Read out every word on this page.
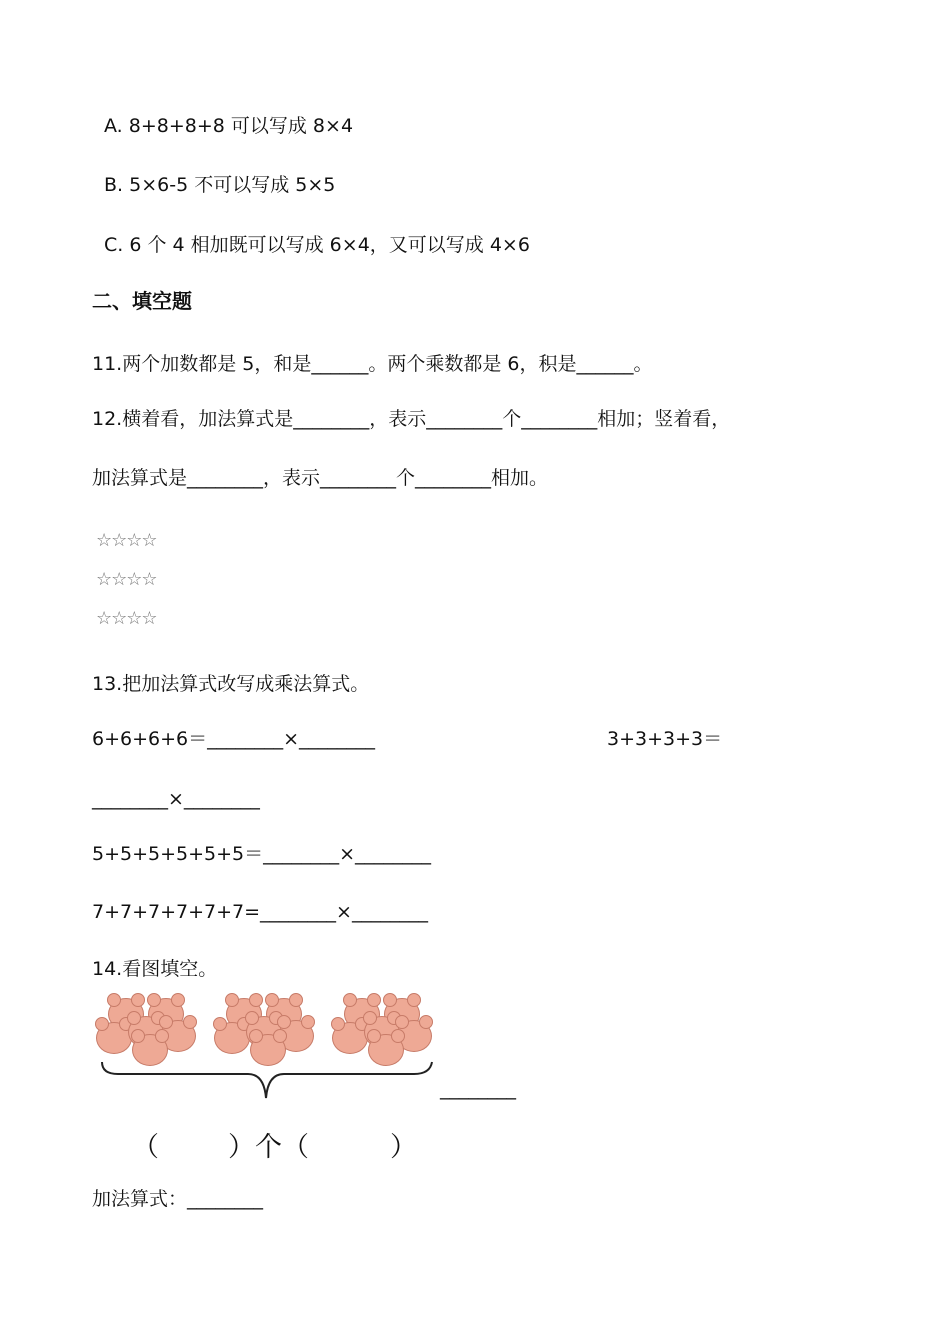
A. 8+8+8+8 可以写成 8×4
B. 5×6-5 不可以写成 5×5
C. 6 个 4 相加既可以写成 6×4，又可以写成 4×6
二、填空题
11.两个加数都是 5，和是______。两个乘数都是 6，积是______。
12.横着看，加法算式是________，表示________个________相加；竖着看，
加法算式是________，表示________个________相加。
☆☆☆☆
☆☆☆☆
☆☆☆☆
13.把加法算式改写成乘法算式。
6+6+6+6＝________×________	3+3+3+3＝
________×________
5+5+5+5+5+5＝________×________
7+7+7+7+7+7=________×________
14.看图填空。
________
（	）个（	）
加法算式：________
